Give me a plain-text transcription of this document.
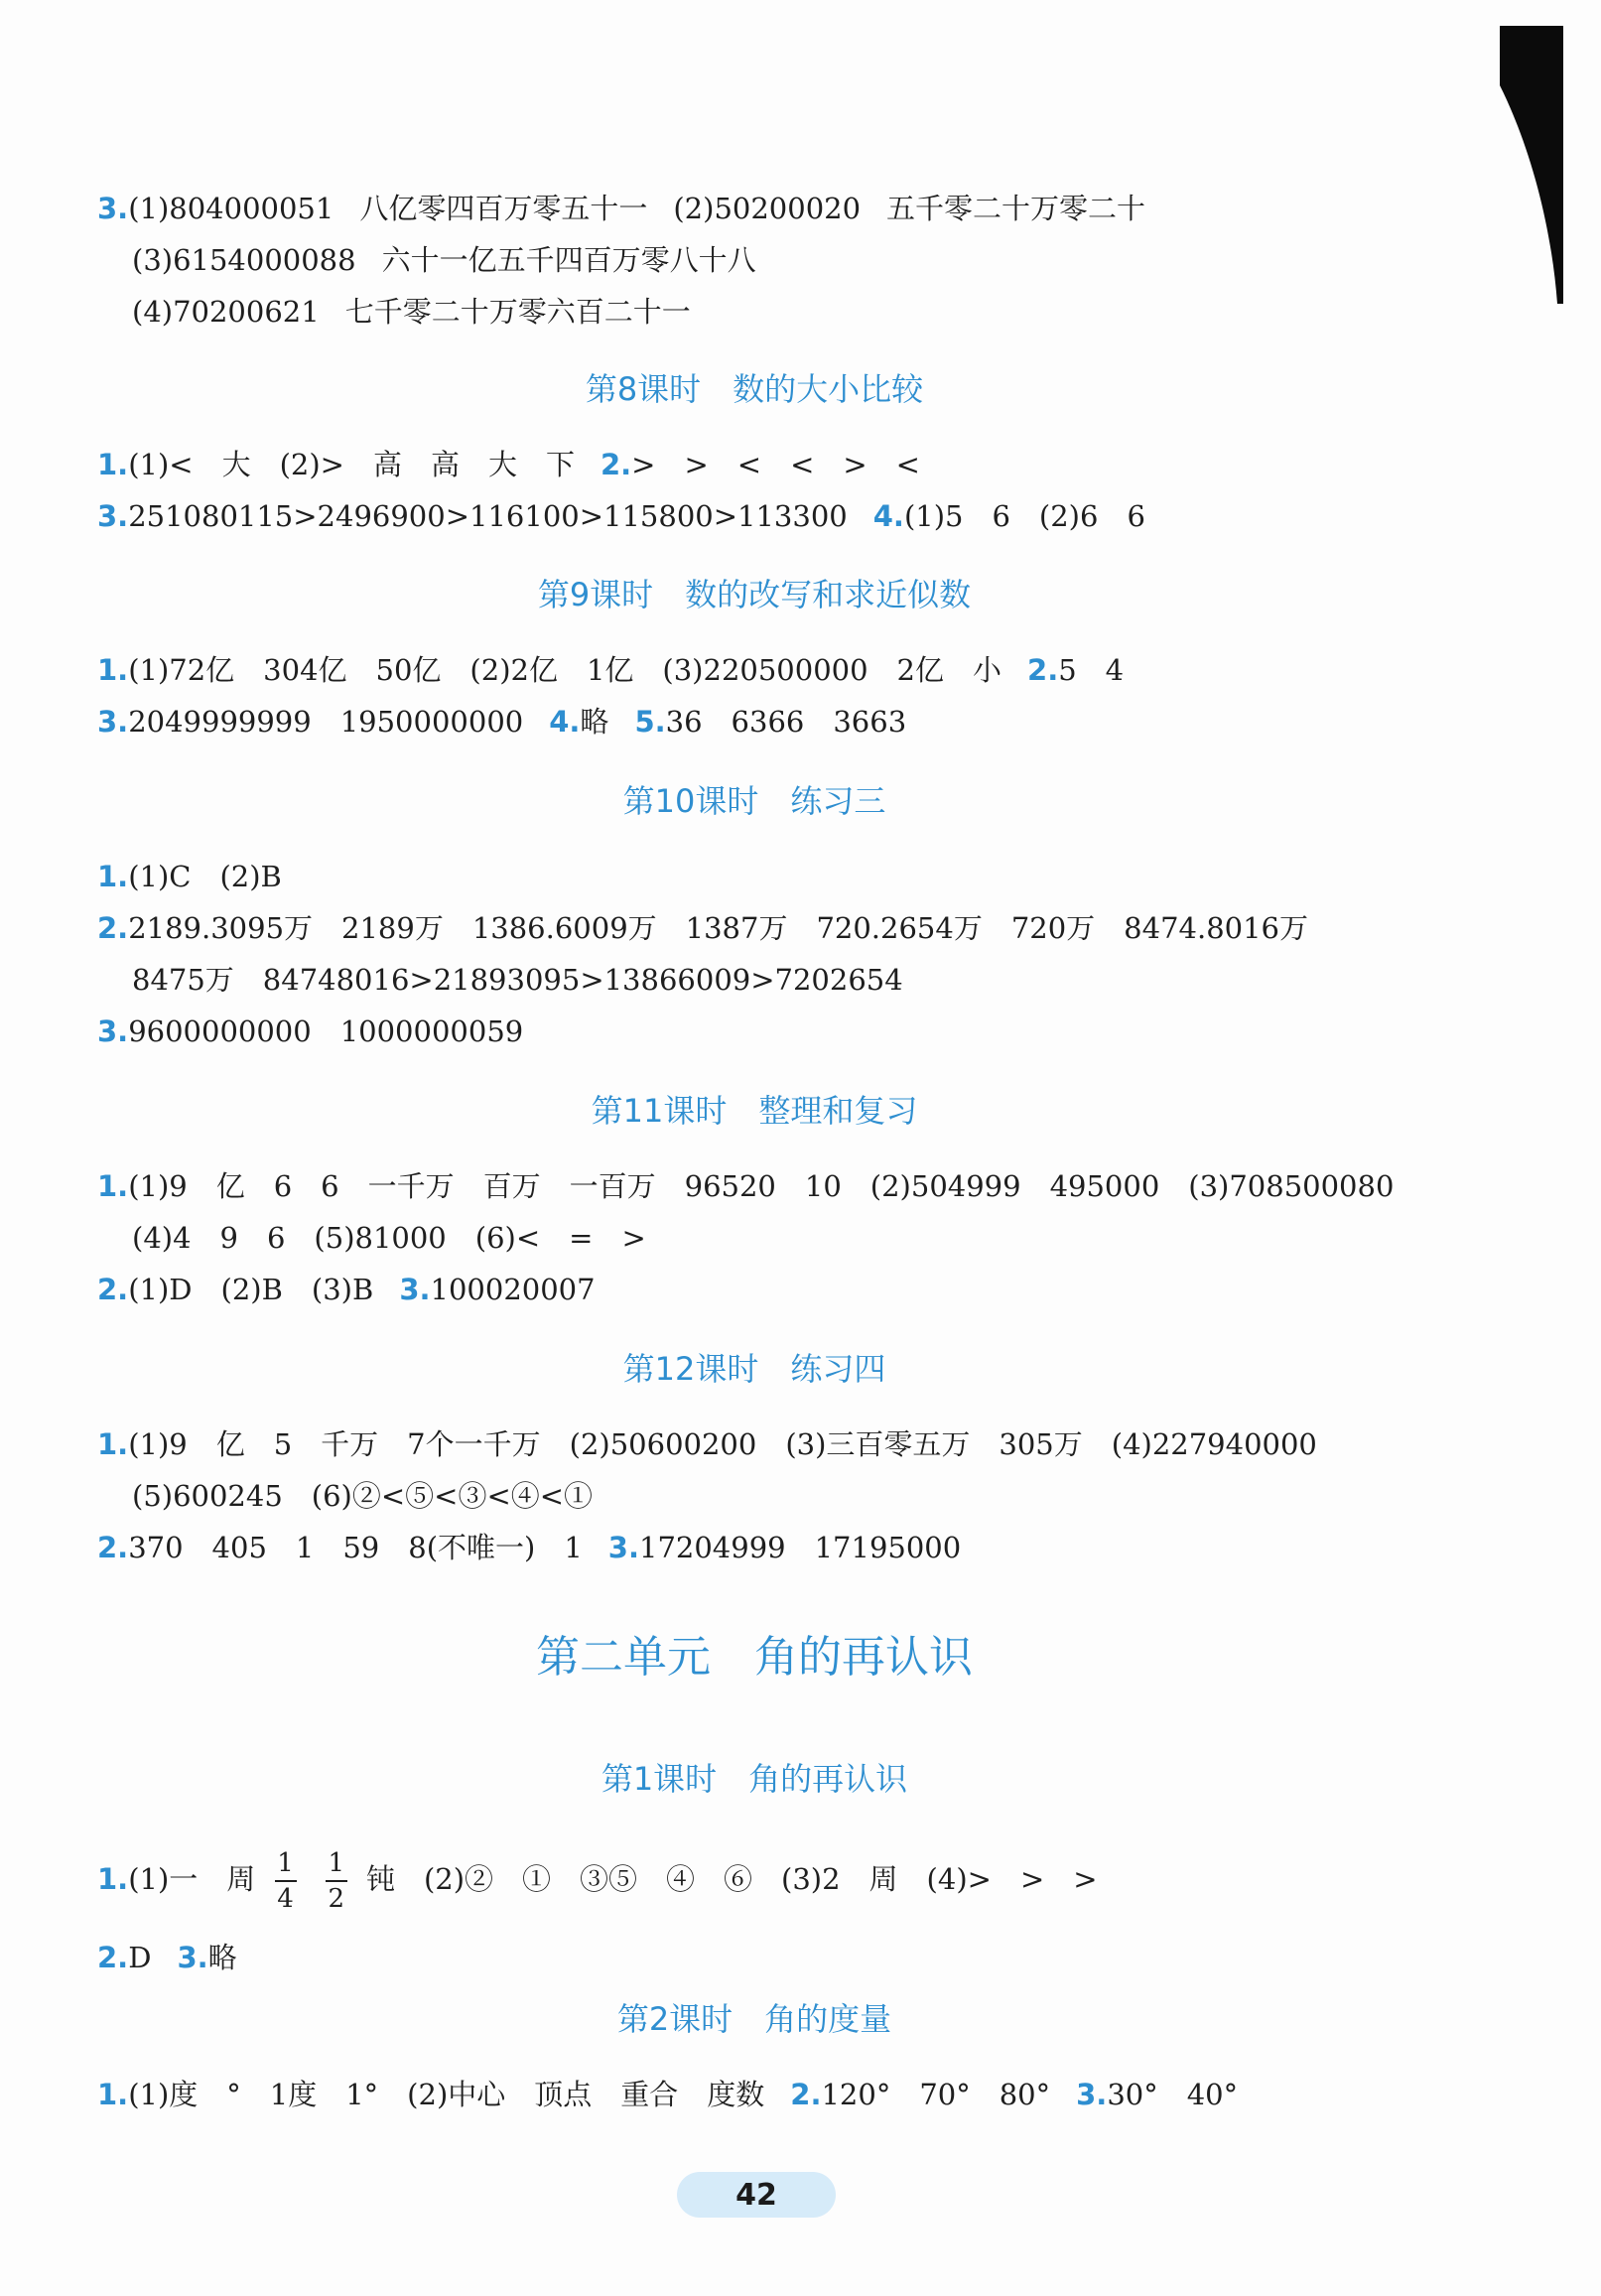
3.(1)804000051 八亿零四百万零五十一 (2)50200020 五千零二十万零二十
(3)6154000088 六十一亿五千四百万零八十八
(4)70200621 七千零二十万零六百二十一
第8课时　数的大小比较
1.(1)<　大　(2)>　高　高　大　下 2.>　>　<　<　>　<
3.251080115>2496900>116100>115800>113300 4.(1)5　6　(2)6　6
第9课时　数的改写和求近似数
1.(1)72亿　304亿　50亿　(2)2亿　1亿　(3)220500000　2亿　小 2.5　4
3.2049999999　1950000000 4.略 5.36　6366　3663
第10课时　练习三
1.(1)C　(2)B
2.2189.3095万　2189万　1386.6009万　1387万　720.2654万　720万　8474.8016万
8475万　84748016>21893095>13866009>7202654
3.9600000000　1000000059
第11课时　整理和复习
1.(1)9　亿　6　6　一千万　百万　一百万　96520　10　(2)504999　495000　(3)708500080
(4)4　9　6　(5)81000　(6)<　=　>
2.(1)D　(2)B　(3)B 3.100020007
第12课时　练习四
1.(1)9　亿　5　千万　7个一千万　(2)50600200　(3)三百零五万　305万　(4)227940000
(5)600245　(6)②<⑤<③<④<①
2.370　405　1　59　8(不唯一)　1 3.17204999　17195000
第二单元　角的再认识
第1课时　角的再认识
1.(1)一　周 $\frac{1}{4}$
$\frac{1}{2}$ 钝　(2)②　①　③⑤　④　⑥　(3)2　周　(4)>　>　>
2.D 3.略
第2课时　角的度量
1.(1)度　°　1度　1°　(2)中心　顶点　重合　度数 2.120°　70°　80° 3.30°　40°
42
